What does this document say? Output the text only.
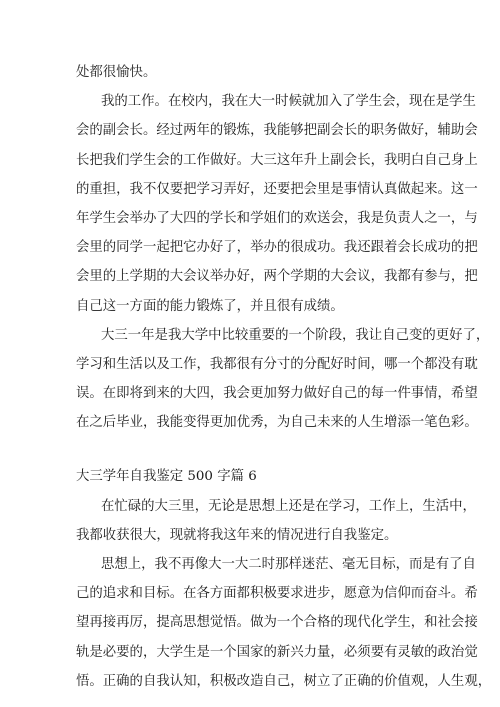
处都很愉快。
我的工作。在校内，我在大一时候就加入了学生会，现在是学生
会的副会长。经过两年的锻炼，我能够把副会长的职务做好，辅助会
长把我们学生会的工作做好。大三这年升上副会长，我明白自己身上
的重担，我不仅要把学习弄好，还要把会里是事情认真做起来。这一
年学生会举办了大四的学长和学姐们的欢送会，我是负责人之一，与
会里的同学一起把它办好了，举办的很成功。我还跟着会长成功的把
会里的上学期的大会议举办好，两个学期的大会议，我都有参与，把
自己这一方面的能力锻炼了，并且很有成绩。
大三一年是我大学中比较重要的一个阶段，我让自己变的更好了，
学习和生活以及工作，我都很有分寸的分配好时间，哪一个都没有耽
误。在即将到来的大四，我会更加努力做好自己的每一件事情，希望
在之后毕业，我能变得更加优秀，为自己未来的人生增添一笔色彩。
大三学年自我鉴定 500 字篇 6
在忙碌的大三里，无论是思想上还是在学习，工作上，生活中，
我都收获很大，现就将我这年来的情况进行自我鉴定。
思想上，我不再像大一大二时那样迷茫、毫无目标，而是有了自
己的追求和目标。在各方面都积极要求进步，愿意为信仰而奋斗。希
望再接再厉，提高思想觉悟。做为一个合格的现代化学生，和社会接
轨是必要的，大学生是一个国家的新兴力量，必须要有灵敏的政治觉
悟。正确的自我认知，积极改造自己，树立了正确的价值观，人生观，
